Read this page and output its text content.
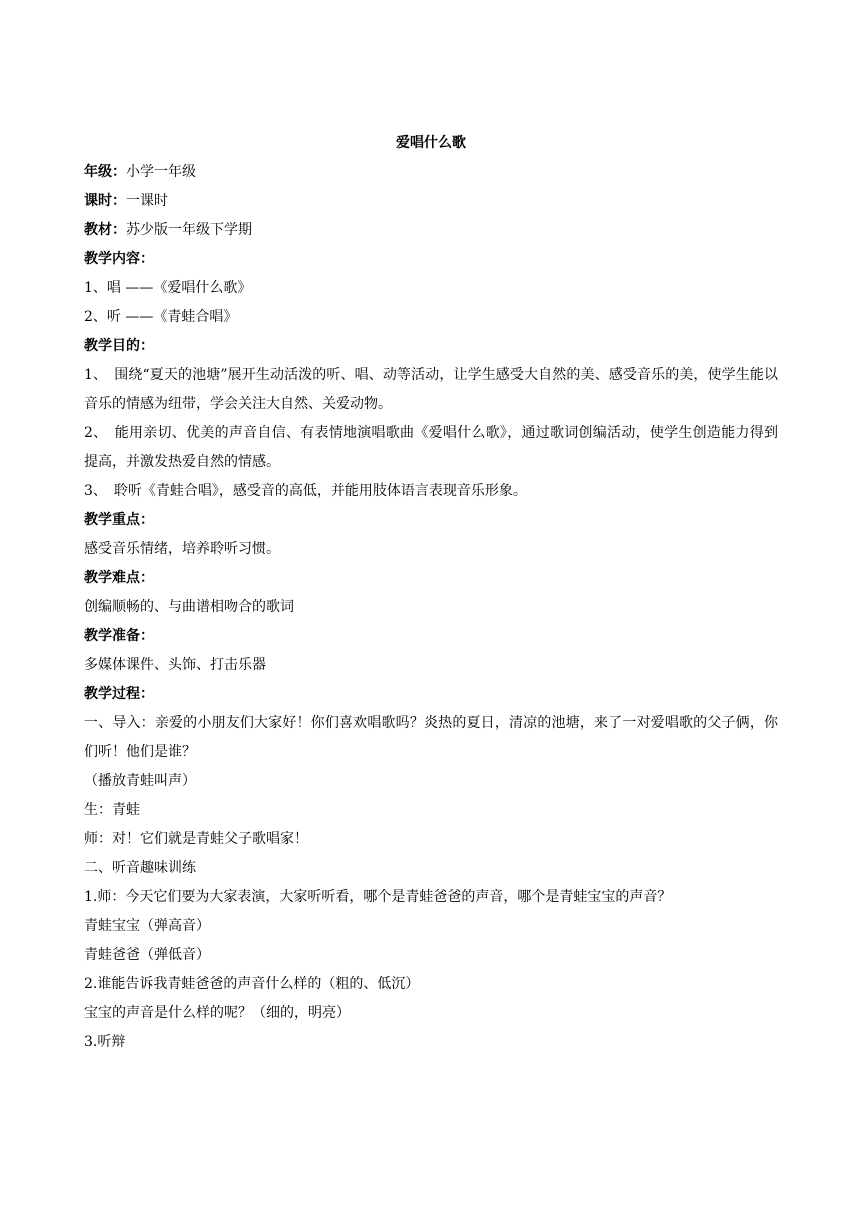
爱唱什么歌
年级：小学一年级
课时：一课时
教材：苏少版一年级下学期
教学内容：
1、唱 ——《爱唱什么歌》
2、听 ——《青蛙合唱》
教学目的：
1、　围绕“夏天的池塘”展开生动活泼的听、唱、动等活动，让学生感受大自然的美、感受音乐的美，使学生能以音乐的情感为纽带，学会关注大自然、关爱动物。
2、　能用亲切、优美的声音自信、有表情地演唱歌曲《爱唱什么歌》，通过歌词创编活动，使学生创造能力得到提高，并激发热爱自然的情感。
3、　聆听《青蛙合唱》，感受音的高低，并能用肢体语言表现音乐形象。
教学重点：
感受音乐情绪，培养聆听习惯。
教学难点：
创编顺畅的、与曲谱相吻合的歌词
教学准备：
多媒体课件、头饰、打击乐器
教学过程：
一、导入：亲爱的小朋友们大家好！你们喜欢唱歌吗？炎热的夏日，清凉的池塘，来了一对爱唱歌的父子俩，你们听！他们是谁？
（播放青蛙叫声）
生：青蛙
师：对！它们就是青蛙父子歌唱家！
二、听音趣味训练
1.师：今天它们要为大家表演，大家听听看，哪个是青蛙爸爸的声音，哪个是青蛙宝宝的声音？
青蛙宝宝（弹高音）
青蛙爸爸（弹低音）
2.谁能告诉我青蛙爸爸的声音什么样的（粗的、低沉）
宝宝的声音是什么样的呢？（细的，明亮）
3.听辩
